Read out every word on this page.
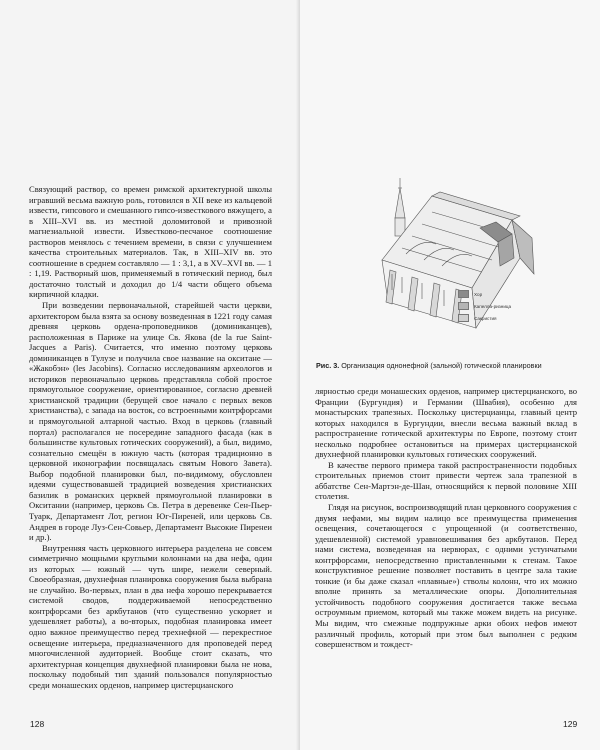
Связующий раствор, со времен римской архитектурной школы игравший весьма важную роль, готовился в XII веке из кальцевой извести, гипсового и смешанного гипсо-известкового вяжущего, а в XIII–XVI вв. из местной доломитовой и привозной магнезиальной извести. Известково-песчаное соотношение растворов менялось с течением времени, в связи с улучшением качества строительных материалов. Так, в XIII–XIV вв. это соотношение в среднем составляло — 1 : 3,1, а в XV–XVI вв. — 1 : 1,19. Растворный шов, применяемый в готический период, был достаточно толстый и доходил до 1/4 части общего объема кирпичной кладки.

При возведении первоначальной, старейшей части церкви, архитектором была взята за основу возведенная в 1221 году самая древняя церковь ордена-проповедников (доминиканцев), расположенная в Париже на улице Св. Якова (de la rue Saint-Jacques a Paris). Считается, что именно поэтому церковь доминиканцев в Тулузе и получила свое название на окситане — «Жакобэн» (les Jacobins). Согласно исследованиям археологов и историков первоначально церковь представляла собой простое прямоугольное сооружение, ориентированное, согласно древней христианской традиции (берущей свое начало с первых веков христианства), с запада на восток, со встроенными контрфорсами и прямоугольной алтарной частью. Вход в церковь (главный портал) располагался не посередине западного фасада (как в большинстве культовых готических сооружений), а был, видимо, сознательно смещён в южную часть (которая традиционно в церковной иконографии посвящалась святым Нового Завета). Выбор подобной планировки был, по-видимому, обусловлен идеями существовавшей традицией возведения христианских базилик в романских церквей прямоугольной планировки в Окситании (например, церковь Св. Петра в деревенке Сен-Пьер-Туарк, Департамент Лот, регион Юг-Пиреней, или церковь Св. Андрея в городе Луз-Сен-Совьер, Департамент Высокие Пиренеи и др.).

Внутренняя часть церковного интерьера разделена не совсем симметрично мощными круглыми колоннами на два нефа, один из которых — южный — чуть шире, нежели северный. Своеобразная, двухнефная планировка сооружения была выбрана не случайно. Во-первых, план в два нефа хорошо перекрывается системой сводов, поддерживаемой непосредственно контрфорсами без аркбутанов (что существенно ускоряет и удешевляет работы), а во-вторых, подобная планировка имеет одно важное преимущество перед трехнефной — перекрестное освещение интерьера, предназначенного для проповедей перед многочисленной аудиторией. Вообще стоит сказать, что архитектурная концепция двухнефной планировки была не нова, поскольку подобный тип зданий пользовался популярностью среди монашеских орденов, например цистерцианского

128
Хор
Капелла-ризница
Сакристия
Рис. 3. Организация однонефной (зальной) готической планировки

лярностью среди монашеских орденов, например цистерцианского, во Франции (Бургундия) и Германии (Швабия), особенно для монастырских трапезных. Поскольку цистерцианцы, главный центр которых находился в Бургундии, внесли весьма важный вклад в распространение готической архитектуры по Европе, поэтому стоит несколько подробнее остановиться на примерах цистерцианской двухнефной планировки культовых готических сооружений.

В качестве первого примера такой распространенности подобных строительных приемов стоит привести чертеж зала трапезной в аббатстве Сен-Мартэн-де-Шан, относящийся к первой половине XIII столетия.

Глядя на рисунок, воспроизводящий план церковного сооружения с двумя нефами, мы видим налицо все преимущества применения освещения, сочетающегося с упрощенной (и соответственно, удешевленной) системой уравновешивания без аркбутанов. Перед нами система, возведенная на нервюрах, с одними устунчатыми контрфорсами, непосредственно приставленными к стенам. Такое конструктивное решение позволяет поставить в центре зала такие тонкие (и бы даже сказал «плавные») стволы колонн, что их можно вполне принять за металлические опоры. Дополнительная устойчивость подобного сооружения достигается также весьма остроумным приемом, который мы также можем видеть на рисунке. Мы видим, что смежные подпружные арки обоих нефов имеют различный профиль, который при этом был выполнен с редким совершенством и тождест-

129
